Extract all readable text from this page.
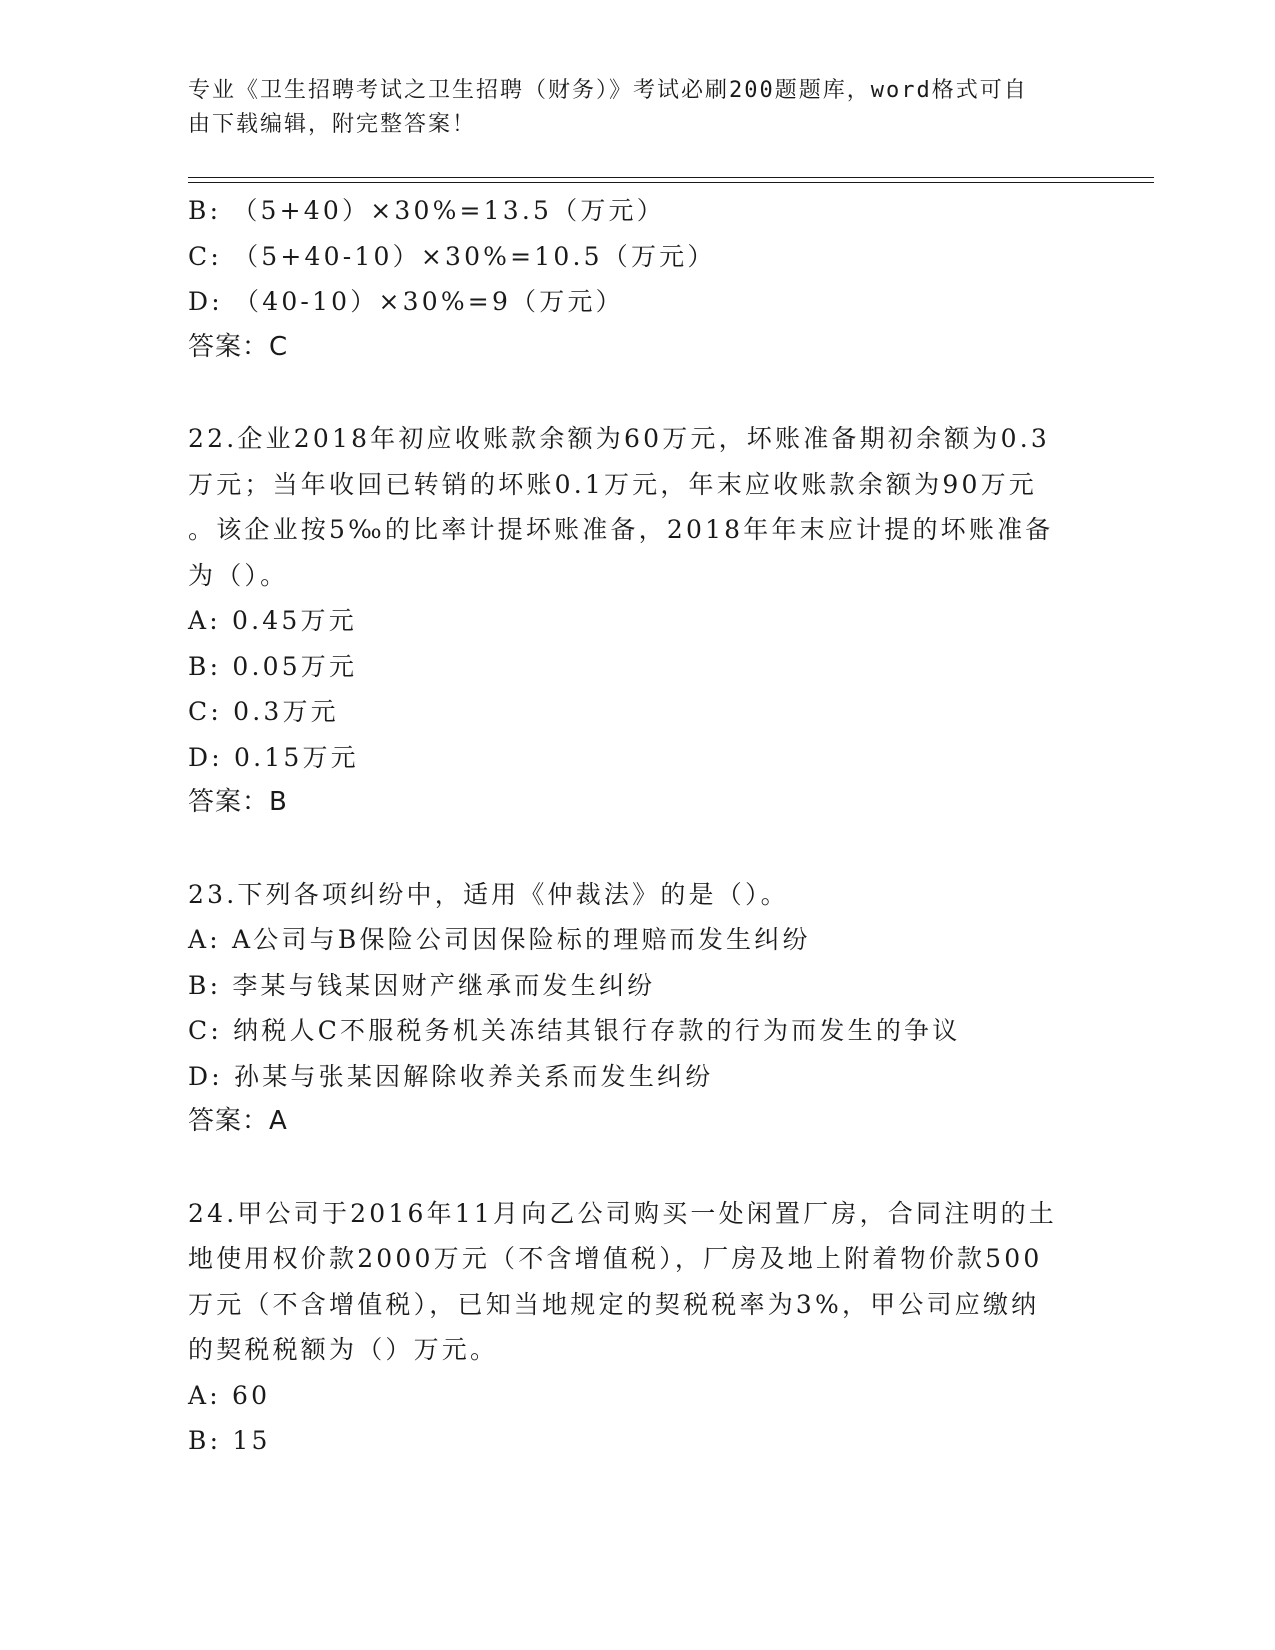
专业《卫生招聘考试之卫生招聘（财务）》考试必刷200题题库，word格式可自
由下载编辑，附完整答案！
B: （5+40）×30%=13.5（万元）
C: （5+40-10）×30%=10.5（万元）
D: （40-10）×30%=9（万元）
答案：C
22.企业2018年初应收账款余额为60万元，坏账准备期初余额为0.3
万元；当年收回已转销的坏账0.1万元，年末应收账款余额为90万元
。该企业按5‰的比率计提坏账准备，2018年年末应计提的坏账准备
为（）。
A: 0.45万元
B: 0.05万元
C: 0.3万元
D: 0.15万元
答案：B
23.下列各项纠纷中，适用《仲裁法》的是（）。
A: A公司与B保险公司因保险标的理赔而发生纠纷
B: 李某与钱某因财产继承而发生纠纷
C: 纳税人C不服税务机关冻结其银行存款的行为而发生的争议
D: 孙某与张某因解除收养关系而发生纠纷
答案：A
24.甲公司于2016年11月向乙公司购买一处闲置厂房，合同注明的土
地使用权价款2000万元（不含增值税），厂房及地上附着物价款500
万元（不含增值税），已知当地规定的契税税率为3%，甲公司应缴纳
的契税税额为（）万元。
A: 60
B: 15
